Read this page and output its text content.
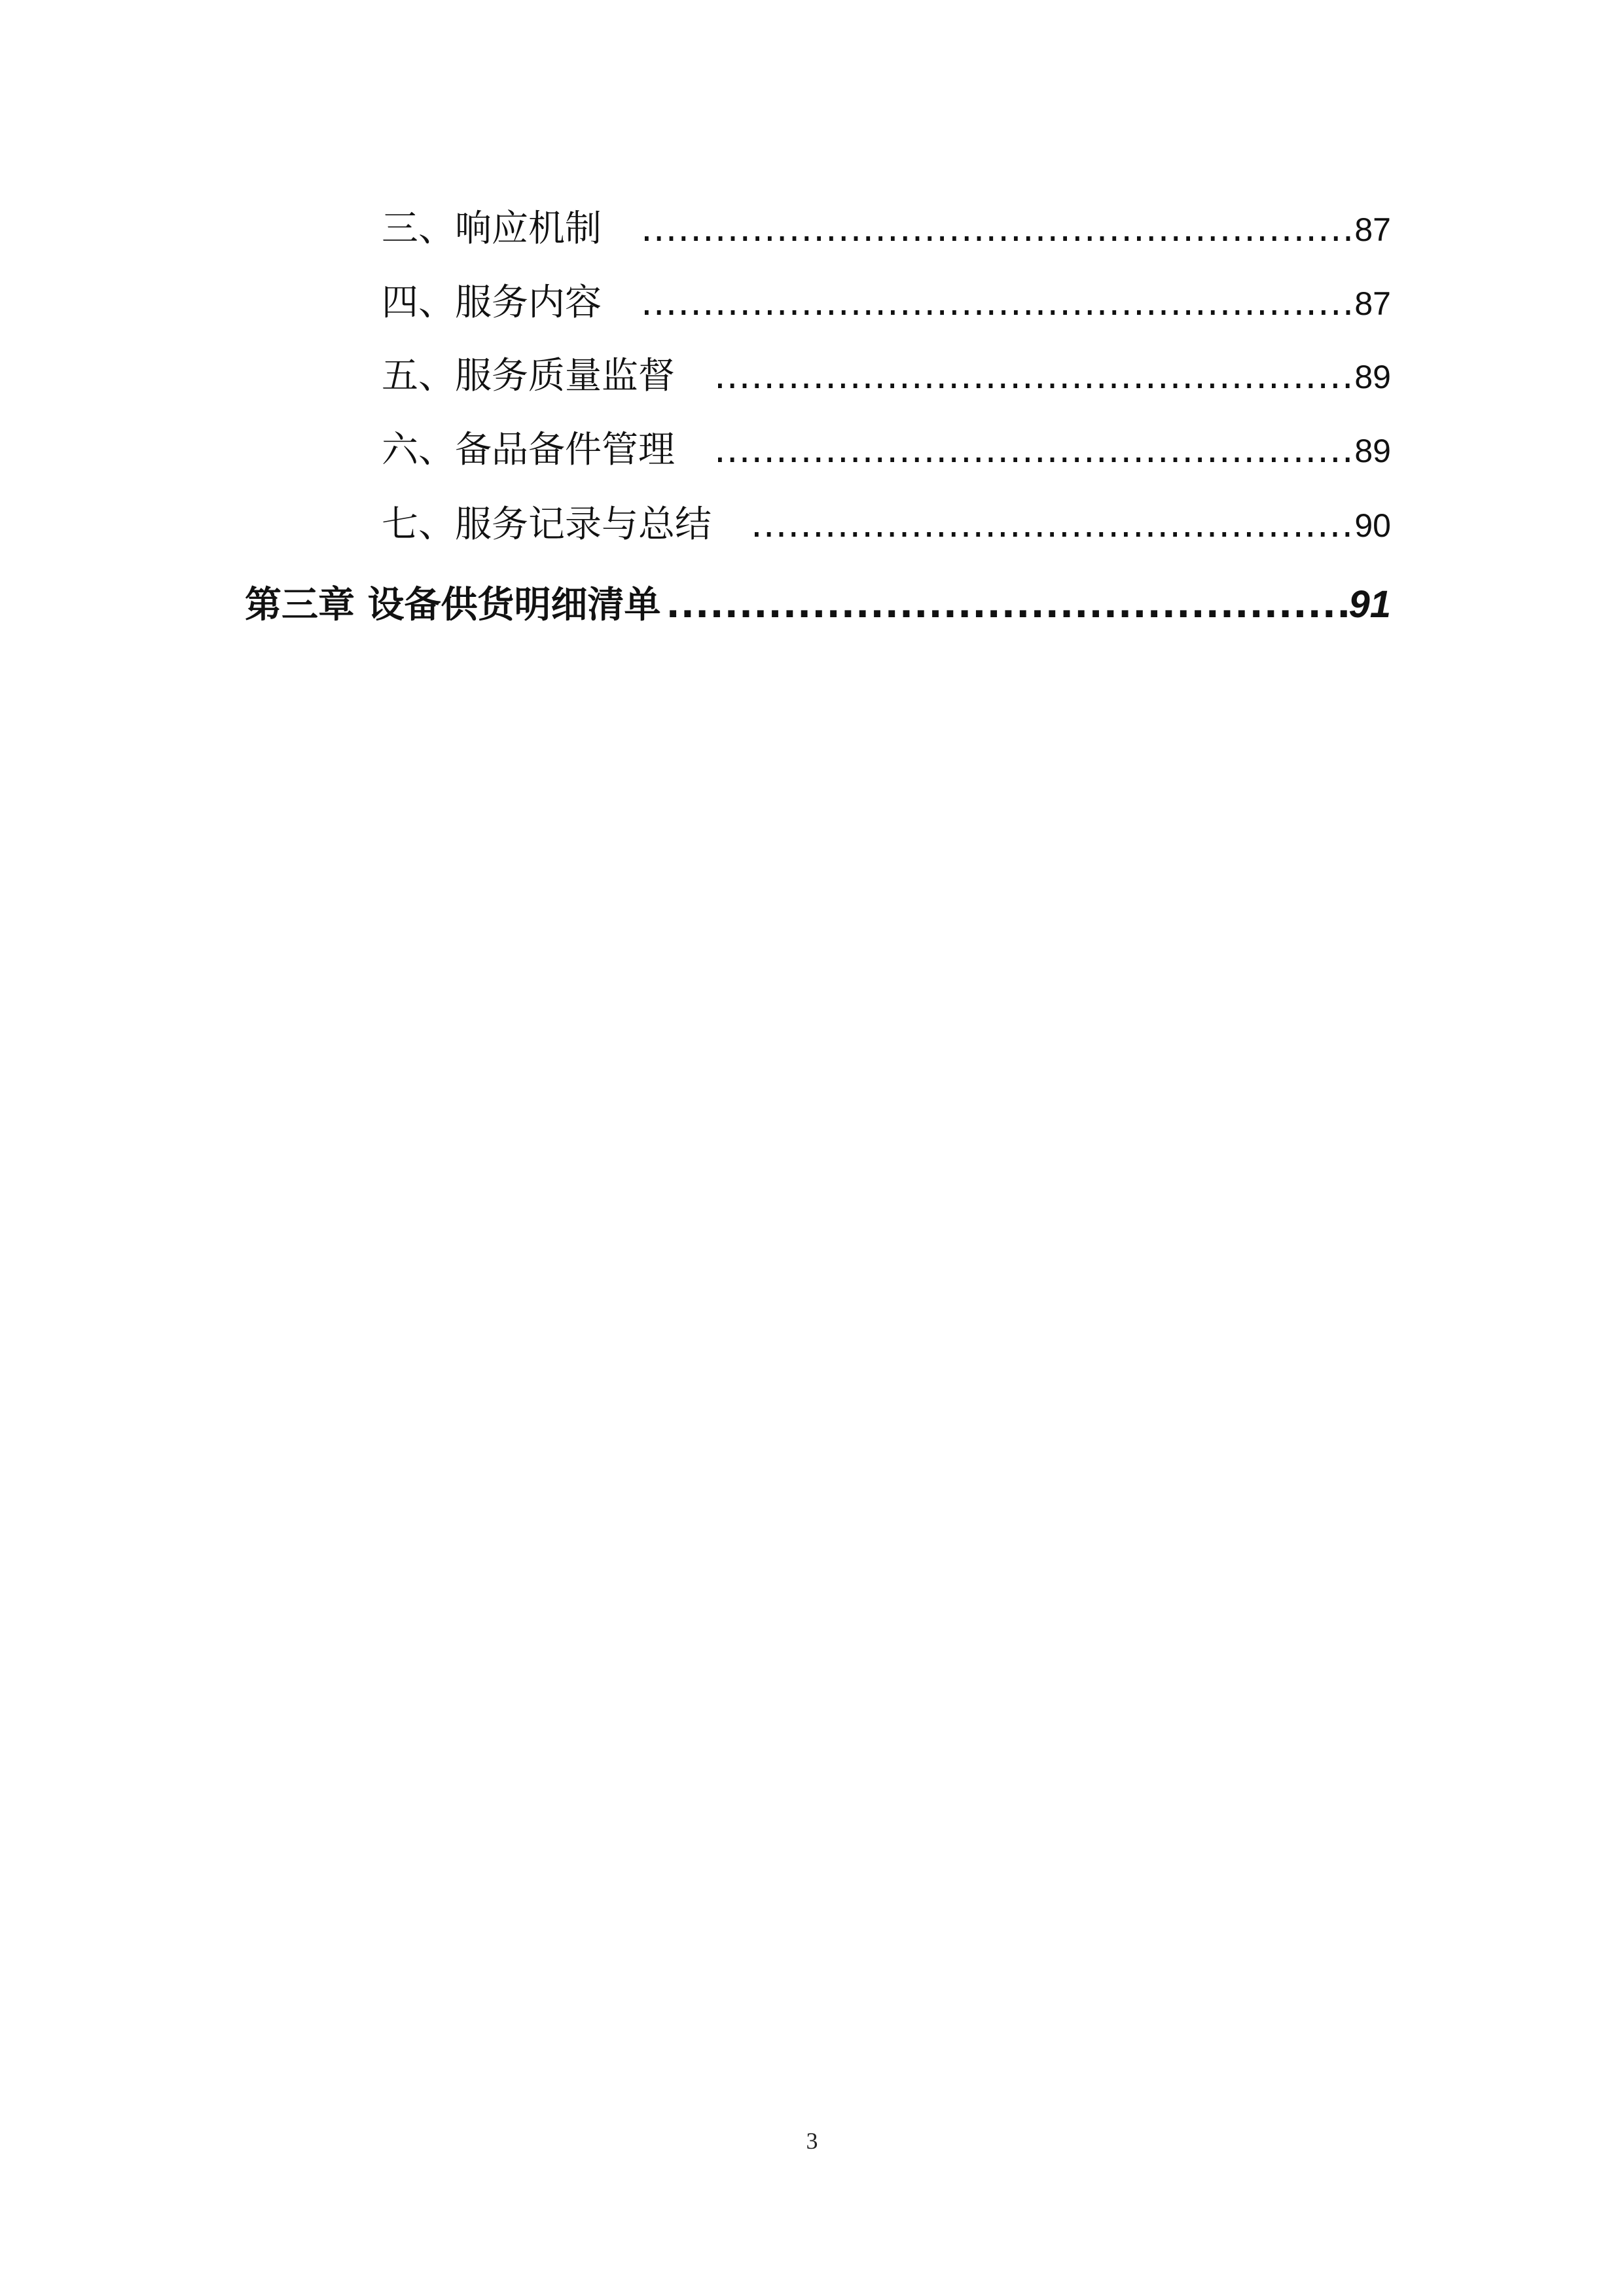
三、响应机制 .....	87
四、服务内容 .....	87
五、服务质量监督 .....	89
六、备品备件管理 .....	89
七、服务记录与总结 .....	90
第三章 设备供货明细清单 .....	91
3
